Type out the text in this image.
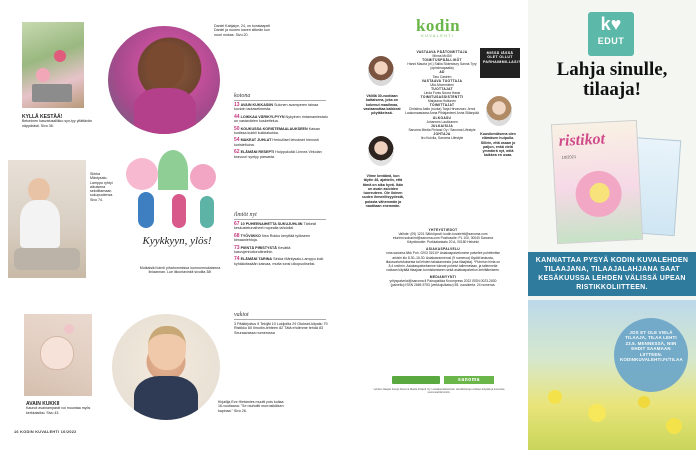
KYLLÄ KESTÄÄ!
Betoninen kasvatusallikko syn-tyy yllättävän näppärästi. Sivu 36.
Daniel Kabjaiye, 24, on konstaapeli Daniel ja nuoren kaveri sitkeän kun nuori mokas. Sivu 20.
kotona
13 AVAIN KUKKASIIN Sulonen avamperen tainaa kuvioin lautaselimesta.
44 LOIKKAA VÄRIKYLPYYN Nykyinen rintamamiestalo on vastavärien koskettelua.
50 KOUKUSSA KORISTEMAALAUKSEEN Kaisan kodissa kukkii kukkiakukka.
54 MAKEAT JUHLAT Herkulliset leivokset hienosti koristeltuina.
62 ELÄMÄNI RESEPTI Huippukokki Linnea Virkolan bravuuri syntyy parsasta.
ilmiöt nyt
67 10 PUHEENAIHETTA SUKUJUHLIIN Tärkeät keskustelunaiheet nopealla tahdolla!
68 TYÖVIIKKO Nea Rokko keryttää työkseen kimaanlehtoja.
73 PIENTÄ PIRISTYSTÄ Kevättä kasvojenhoitorutiineihin.
74 ELÄMÄNI TARINA Sirkka Mäntysalo-Lamppu koki kyhäävässään kasvaa, mutta tunsi ulkopuoliseksi.
vakiot
3 Pääkirjoitus 9 Tekijät 10 Lukijoilta 29 Otukset-kilpailu 79 Ristikko 80 Ilmoitin-lehteen 82 Tätä ehdimme tehdä 83 Seuraavassa numerossa
Sirkka Mäntysalo-Lamppu ryhtyi aikuisena sekoittamaan sukupuolensa. Sivu 74.
Kyykkyyn, ylös!
Mutkaisiki toimii pihahommissa luonnonmukaisena liniaannan. Lue liikuntavinkit sivuilta 38!
AVAIN KUKKII
Kaunot avainamparat voi muuntaa myös kerkkaisiksi. Sivu 43.
Kirjailija Eve Hietamies muutti pois kotiaa 16-vuotiaana: "Se rauhoitti murrosikäisen kapinaa." Sivu 26.
16 KODIN KUVALEHTI 10/2022
kodin
KUVALEHTI
MISSÄ IÄSSÄ OLET OLLUT PARHAIMMILLASI?
Välillä 30-vuotiaan kaltaisena, joka on kokenut maailmaa, vastaanottaa kaikkeat pöytäkeissä.
Viime keväänä, kun täytin 48, ajattelin, että tämä on aika hyvä. Ikän on avain asioiden tuoreuteen. Ole iloinen uuden ihmeellisyydestä, polasta vähemmän ja nautitaan enemmän.
Kuusikevätsena olen elämäsen huipulla. Sillein, että osaan jo paljon, enkä vielä ymmärrä nyt, mitä kaikkea en osaa.
VASTAAVA PÄÄTOIMITTAJA
Minna McGill
TOIMITUSPÄÄLLIKÖT
Hanni Mauria (vt.) Sallia Stolesbury Sanna Tyry (opintovapaalla)
AD
Taru Castrén
VASTAAVA TUOTTAJA
Ulla Ahvenniemi
TUOTTAJAT
Linda Forss Noora Hassi
TOIMITUSASSISTENTTI
Marjaana Huttunen
TOIMITTAJAT
Christina Aalto (ruoka) Tarja Hirvasnoro Jenni Laukumaasaara Anna Pihlajaniemi Anna Sillanpää
ULKOASU
Johannes Laukkanen
JULKAISIJA
Sanoma Media Finland Oy / Sanoma Lifestyle
JOHTAJA
Iiro Kuivila, Sanoma Lifestyle
YHTEYSTIEDOT
Vaihde: (09) 1201 Sähköposti: kodin.kuvalehti@sanoma.com etunimi.sukunimi@sanoma.com Postiosoite: PL 100, 00040 Sanoma Käyntiosoite: Porkkalankatu 20 A, 00180 Helsinki
ASIAKASPALVELU
oma.sanoma.fi/kk Puh. 0203 31010* Asiakaspalvelumme palvelee puhelimitse arkisin klo 8.30–16.30. Asiakasnumerosi (9 numeroa) löydät laskusta, tilausvahvistuksesta tai lehden takakannesta (osa tilaajista). *Puhelun hinta on 8,4 snt/min. Asiakaspalvelumme tulevat puhelut tallennetaan, ja tallenneita voidaan käyttää tilaajaan tunnistamiseen sekä asiakaspalvelun kehittämiseen.
MEDIAMYYNTI
yrityspalvelut@sanoma.fi Painopaikka Kroonpress 2022 ISSN 0023-2630 (painettu) ISSN 2669-9753 (verkkojulkaisu) 55. vuosikerta. 24 numeroa.
sanoma
Lehden tilaajan tietoja Sanoma Media Finland Oy:n asiakasrekisteristä. Henkilötietoja voidaan käyttää ja luovuttaa suoramarkkinointiin.
k♥
EDUT
Lahja sinulle, tilaaja!
ristikot
10/2021
KANNATTAA PYSYÄ KODIN KUVALEHDEN TILAAJANA, TILAAJALAHJANA SAAT KESÄKUUSSA LEHDEN VÄLISSÄ UPEAN RISTIKKOLIITTEEN.
JOS ET OLE VIELÄ TILAAJA, TILAA LEHTI 23.5. MENNESSÄ, NIIN EHDIT SAAMAAN LIITTEEN. KODINKUVALEHTI.FI/TILAA
